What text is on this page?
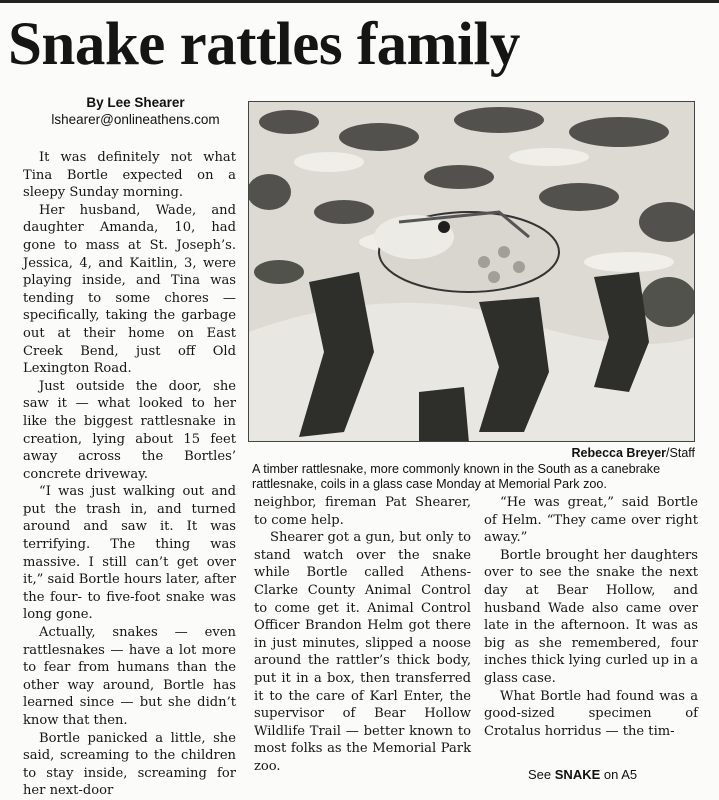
Snake rattles family
By Lee Shearer
lshearer@onlineathens.com

It was definitely not what Tina Bortle expected on a sleepy Sunday morning.

Her husband, Wade, and daughter Amanda, 10, had gone to mass at St. Joseph’s. Jessica, 4, and Kaitlin, 3, were playing inside, and Tina was tending to some chores — specifically, taking the garbage out at their home on East Creek Bend, just off Old Lexington Road.

Just outside the door, she saw it — what looked to her like the biggest rattlesnake in creation, lying about 15 feet away across the Bortles’ concrete driveway.

“I was just walking out and put the trash in, and turned around and saw it. It was terrifying. The thing was massive. I still can’t get over it,” said Bortle hours later, after the four- to five-foot snake was long gone.

Actually, snakes — even rattlesnakes — have a lot more to fear from humans than the other way around, Bortle has learned since — but she didn’t know that then.

Bortle panicked a little, she said, screaming to the children to stay inside, screaming for her next-door

Rebecca Breyer/Staff
A timber rattlesnake, more commonly known in the South as a canebrake rattlesnake, coils in a glass case Monday at Memorial Park zoo.

neighbor, fireman Pat Shearer, to come help.

Shearer got a gun, but only to stand watch over the snake while Bortle called Athens-Clarke County Animal Control to come get it. Animal Control Officer Brandon Helm got there in just minutes, slipped a noose around the rattler’s thick body, put it in a box, then transferred it to the care of Karl Enter, the supervisor of Bear Hollow Wildlife Trail — better known to most folks as the Memorial Park zoo.

“He was great,” said Bortle of Helm. “They came over right away.”

Bortle brought her daughters over to see the snake the next day at Bear Hollow, and husband Wade also came over late in the afternoon. It was as big as she remembered, four inches thick lying curled up in a glass case.

What Bortle had found was a good-sized specimen of Crotalus horridus — the tim-

See SNAKE on A5
